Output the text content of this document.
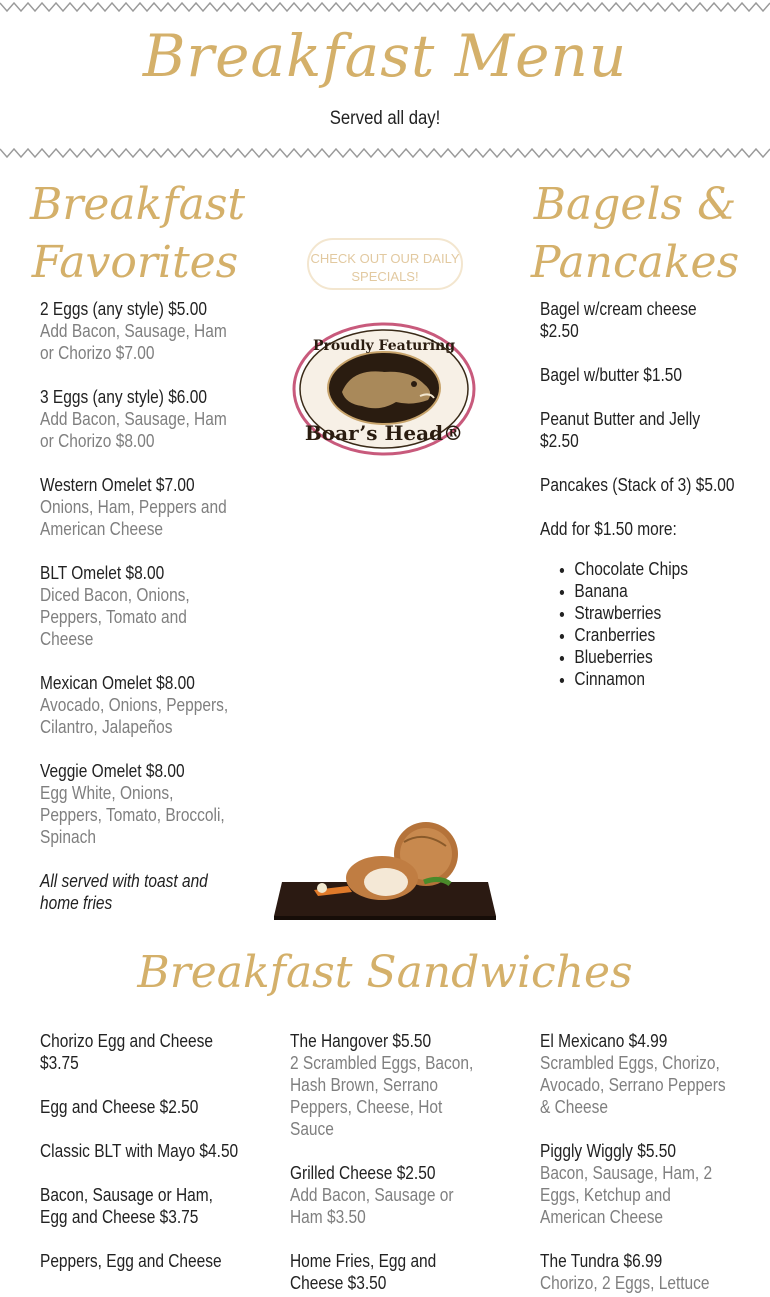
Breakfast Menu
Served all day!
Breakfast Favorites
2 Eggs (any style) $5.00
Add Bacon, Sausage, Ham or Chorizo $7.00
3 Eggs (any style) $6.00
Add Bacon, Sausage, Ham or Chorizo $8.00
Western Omelet $7.00
Onions, Ham, Peppers and American Cheese
BLT Omelet $8.00
Diced Bacon, Onions, Peppers, Tomato and Cheese
Mexican Omelet $8.00
Avocado, Onions, Peppers, Cilantro, Jalapeños
Veggie Omelet $8.00
Egg White, Onions, Peppers, Tomato, Broccoli, Spinach
All served with toast and home fries
CHECK OUT OUR DAILY SPECIALS!
Proudly Featuring
Boar’s Head®
Bagels & Pancakes
Bagel w/cream cheese $2.50
Bagel w/butter $1.50
Peanut Butter and Jelly $2.50
Pancakes (Stack of 3) $5.00
Add for $1.50 more:
• Chocolate Chips
• Banana
• Strawberries
• Cranberries
• Blueberries
• Cinnamon
Breakfast Sandwiches
Chorizo Egg and Cheese $3.75
Egg and Cheese $2.50
Classic BLT with Mayo $4.50
Bacon, Sausage or Ham, Egg and Cheese $3.75
Peppers, Egg and Cheese
The Hangover $5.50
2 Scrambled Eggs, Bacon, Hash Brown, Serrano Peppers, Cheese, Hot Sauce
Grilled Cheese $2.50
Add Bacon, Sausage or Ham $3.50
Home Fries, Egg and Cheese $3.50
El Mexicano $4.99
Scrambled Eggs, Chorizo, Avocado, Serrano Peppers & Cheese
Piggly Wiggly $5.50
Bacon, Sausage, Ham, 2 Eggs, Ketchup and American Cheese
The Tundra $6.99
Chorizo, 2 Eggs, Lettuce
